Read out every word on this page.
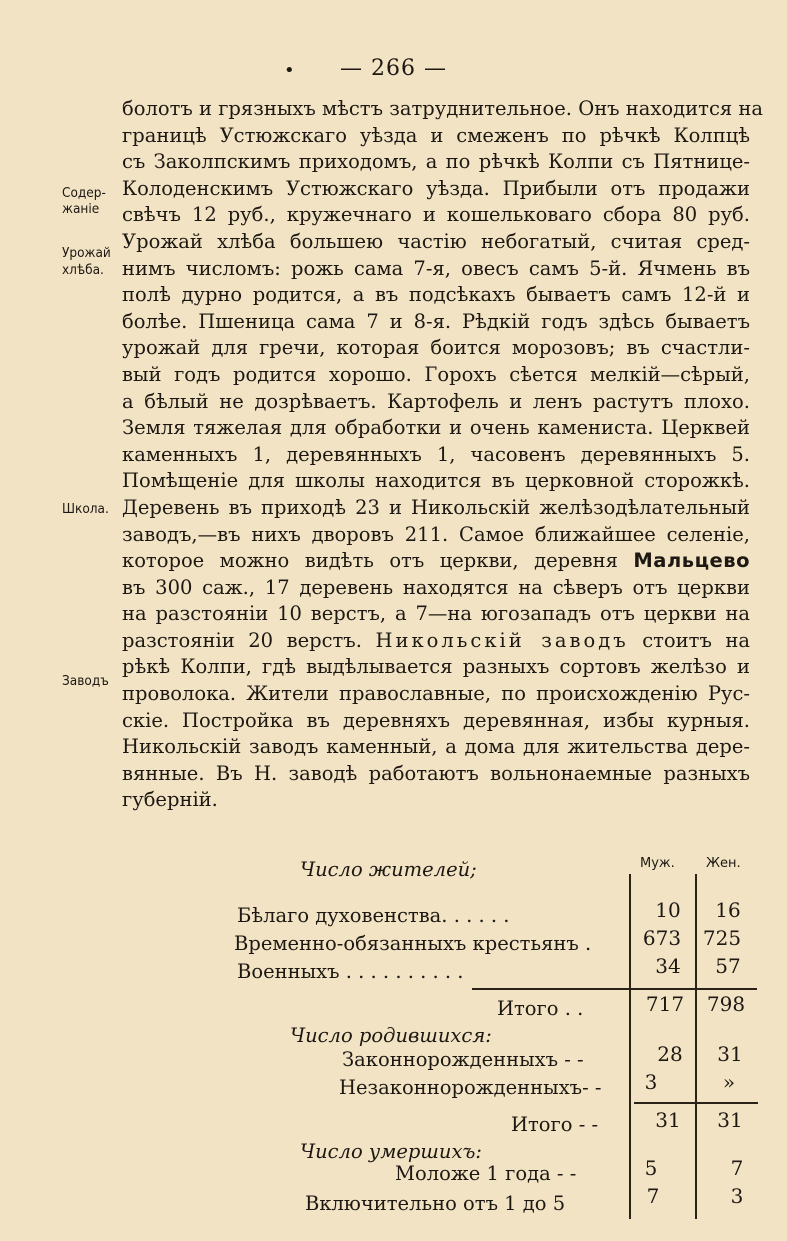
•	— 266 —
Содер-
жаніе
Урожай
хлѣба.
Школа.
Заводъ
болотъ и грязныхъ мѣстъ затруднительное. Онъ находится на
границѣ Устюжскаго уѣзда и смеженъ по рѣчкѣ Колпцѣ
съ Заколпскимъ приходомъ, а по рѣчкѣ Колпи съ Пятнице-
Колоденскимъ Устюжскаго уѣзда. Прибыли отъ продажи
свѣчъ 12 руб., кружечнаго и кошельковаго сбора 80 руб.
Урожай хлѣба большею частію небогатый, считая сред-
нимъ числомъ: рожь сама 7-я, овесъ самъ 5-й. Ячмень въ
полѣ дурно родится, а въ подсѣкахъ бываетъ самъ 12-й и
болѣе. Пшеница сама 7 и 8-я. Рѣдкій годъ здѣсь бываетъ
урожай для гречи, которая боится морозовъ; въ счастли-
вый годъ родится хорошо. Горохъ сѣется мелкій—сѣрый,
а бѣлый не дозрѣваетъ. Картофель и ленъ растутъ плохо.
Земля тяжелая для обработки и очень камениста. Церквей
каменныхъ 1, деревянныхъ 1, часовенъ деревянныхъ 5.
Помѣщеніе для школы находится въ церковной сторожкѣ.
Деревень въ приходѣ 23 и Никольскій желѣзодѣлательный
заводъ,—въ нихъ дворовъ 211. Самое ближайшее селеніе,
которое можно видѣть отъ церкви, деревня Мальцево
въ 300 саж., 17 деревень находятся на сѣверъ отъ церкви
на разстояніи 10 верстъ, а 7—на югозападъ отъ церкви на
разстояніи 20 верстъ. Никольскій заводъ стоитъ на
рѣкѣ Колпи, гдѣ выдѣлывается разныхъ сортовъ желѣзо и
проволока. Жители православные, по происхожденію Рус-
скіе. Постройка въ деревняхъ деревянная, избы курныя.
Никольскій заводъ каменный, а дома для жительства дере-
вянные. Въ Н. заводѣ работаютъ вольнонаемные разныхъ
губерній.
Муж. Жен.
Число жителей;
Бѣлаго духовенства. . . . . .	10	16
Временно-обязанныхъ крестьянъ .	673 725
Военныхъ . . . . . . . . . .	34	57
Итого . .	717 798
Число родившихся:
Законнорожденныхъ - -	28	31
Незаконнорожденныхъ- -	3	»
Итого - -	31	31
Число умершихъ:
Моложе 1 года - -	5	7
Включительно отъ 1 до 5	7	3
